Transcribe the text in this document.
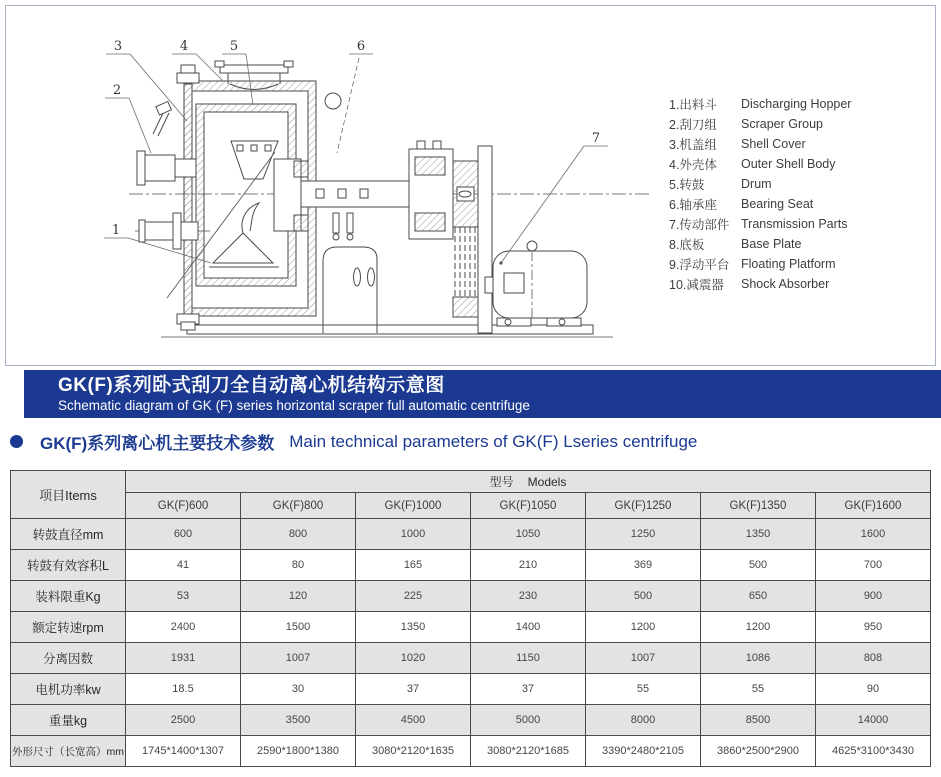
1
2
3	4	5	6
7
1.出料斗	Discharging Hopper
2.刮刀组	Scraper Group
3.机盖组	Shell Cover
4.外壳体	Outer Shell Body
5.转鼓	Drum
6.轴承座	Bearing Seat
7.传动部件 Transmission Parts
8.底板	Base Plate
9.浮动平台 Floating Platform
10.减震器	Shock Absorber
GK(F)系列卧式刮刀全自动离心机结构示意图
Schematic diagram of GK (F) series horizontal scraper full automatic centrifuge
GK(F)系列离心机主要技术参数 Main technical parameters of GK(F) Lseries centrifuge
项目Items	型号 Models						
	GK(F)600	GK(F)800	GK(F)1000	GK(F)1050	GK(F)1250	GK(F)1350	GK(F)1600
转鼓直径mm	600	800	1000	1050	1250	1350	1600
转鼓有效容积L	41	80	165	210	369	500	700
装料限重Kg	53	120	225	230	500	650	900
额定转速rpm	2400	1500	1350	1400	1200	1200	950
分离因数	1931	1007	1020	1150	1007	1086	808
电机功率kw	18.5	30	37	37	55	55	90
重量kg	2500	3500	4500	5000	8000	8500	14000
外形尺寸（长宽高）mm	1745*1400*1307	2590*1800*1380	3080*2120*1635	3080*2120*1685	3390*2480*2105	3860*2500*2900	4625*3100*3430
